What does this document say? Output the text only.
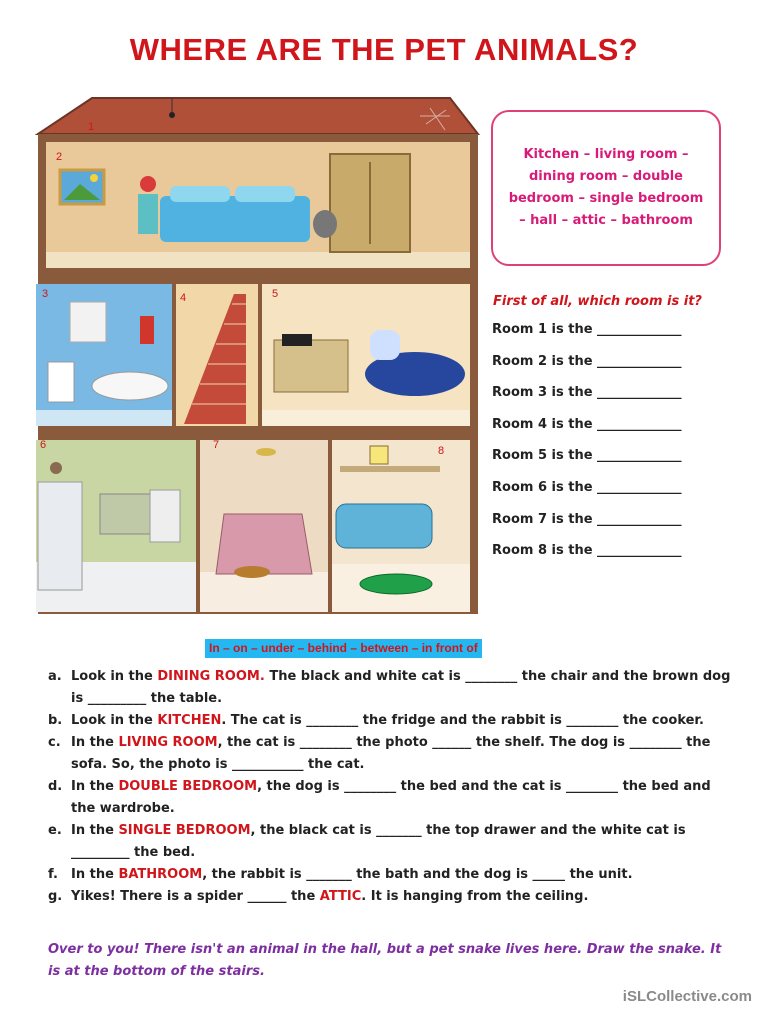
WHERE ARE THE PET ANIMALS?
1
2
3	4	5
6	7	8
Kitchen – living room – dining room – double bedroom – single bedroom – hall – attic – bathroom
First of all, which room is it?
Room 1 is the _____________
Room 2 is the _____________
Room 3 is the _____________
Room 4 is the _____________
Room 5 is the _____________
Room 6 is the _____________
Room 7 is the _____________
Room 8 is the _____________
In – on – under – behind – between – in front of
a. Look in the DINING ROOM. The black and white cat is ________ the chair and the brown dog is _________ the table.
b. Look in the KITCHEN. The cat is ________ the fridge and the rabbit is ________ the cooker.
c. In the LIVING ROOM, the cat is ________ the photo ______ the shelf. The dog is ________ the sofa. So, the photo is ___________ the cat.
d. In the DOUBLE BEDROOM, the dog is ________ the bed and the cat is ________ the bed and the wardrobe.
e. In the SINGLE BEDROOM, the black cat is _______ the top drawer and the white cat is _________ the bed.
f. In the BATHROOM, the rabbit is _______ the bath and the dog is _____ the unit.
g. Yikes! There is a spider ______ the ATTIC. It is hanging from the ceiling.
Over to you! There isn't an animal in the hall, but a pet snake lives here. Draw the snake. It is at the bottom of the stairs.
iSLCollective.com
